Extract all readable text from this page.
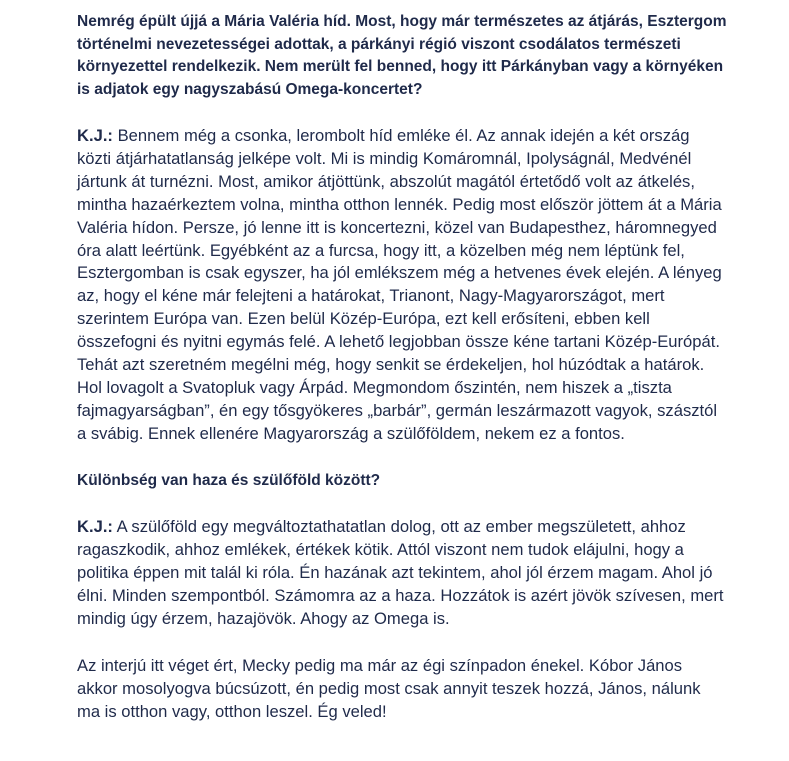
Nemrég épült újjá a Mária Valéria híd. Most, hogy már természetes az átjárás, Esztergom történelmi nevezetességei adottak, a párkányi régió viszont csodálatos természeti környezettel rendelkezik. Nem merült fel benned, hogy itt Párkányban vagy a környéken is adjatok egy nagyszabású Omega-koncertet?

K.J.: Bennem még a csonka, lerombolt híd emléke él. Az annak idején a két ország közti átjárhatatlanság jelképe volt. Mi is mindig Komáromnál, Ipolyságnál, Medvénél jártunk át turnézni. Most, amikor átjöttünk, abszolút magától értetődő volt az átkelés, mintha hazaérkeztem volna, mintha otthon lennék. Pedig most először jöttem át a Mária Valéria hídon. Persze, jó lenne itt is koncertezni, közel van Budapesthez, háromnegyed óra alatt leértünk. Egyébként az a furcsa, hogy itt, a közelben még nem léptünk fel, Esztergomban is csak egyszer, ha jól emlékszem még a hetvenes évek elején. A lényeg az, hogy el kéne már felejteni a határokat, Trianont, Nagy-Magyarországot, mert szerintem Európa van. Ezen belül Közép-Európa, ezt kell erősíteni, ebben kell összefogni és nyitni egymás felé. A lehető legjobban össze kéne tartani Közép-Európát. Tehát azt szeretném megélni még, hogy senkit se érdekeljen, hol húzódtak a határok. Hol lovagolt a Svatopluk vagy Árpád. Megmondom őszintén, nem hiszek a „tiszta fajmagyarságban”, én egy tősgyökeres „barbár”, germán leszármazott vagyok, szásztól a svábig. Ennek ellenére Magyarország a szülőföldem, nekem ez a fontos.

Különbség van haza és szülőföld között?

K.J.: A szülőföld egy megváltoztathatatlan dolog, ott az ember megszületett, ahhoz ragaszkodik, ahhoz emlékek, értékek kötik. Attól viszont nem tudok elájulni, hogy a politika éppen mit talál ki róla. Én hazának azt tekintem, ahol jól érzem magam. Ahol jó élni. Minden szempontból. Számomra az a haza. Hozzátok is azért jövök szívesen, mert mindig úgy érzem, hazajövök. Ahogy az Omega is.

Az interjú itt véget ért, Mecky pedig ma már az égi színpadon énekel. Kóbor János akkor mosolyogva búcsúzott, én pedig most csak annyit teszek hozzá, János, nálunk ma is otthon vagy, otthon leszel. Ég veled!
